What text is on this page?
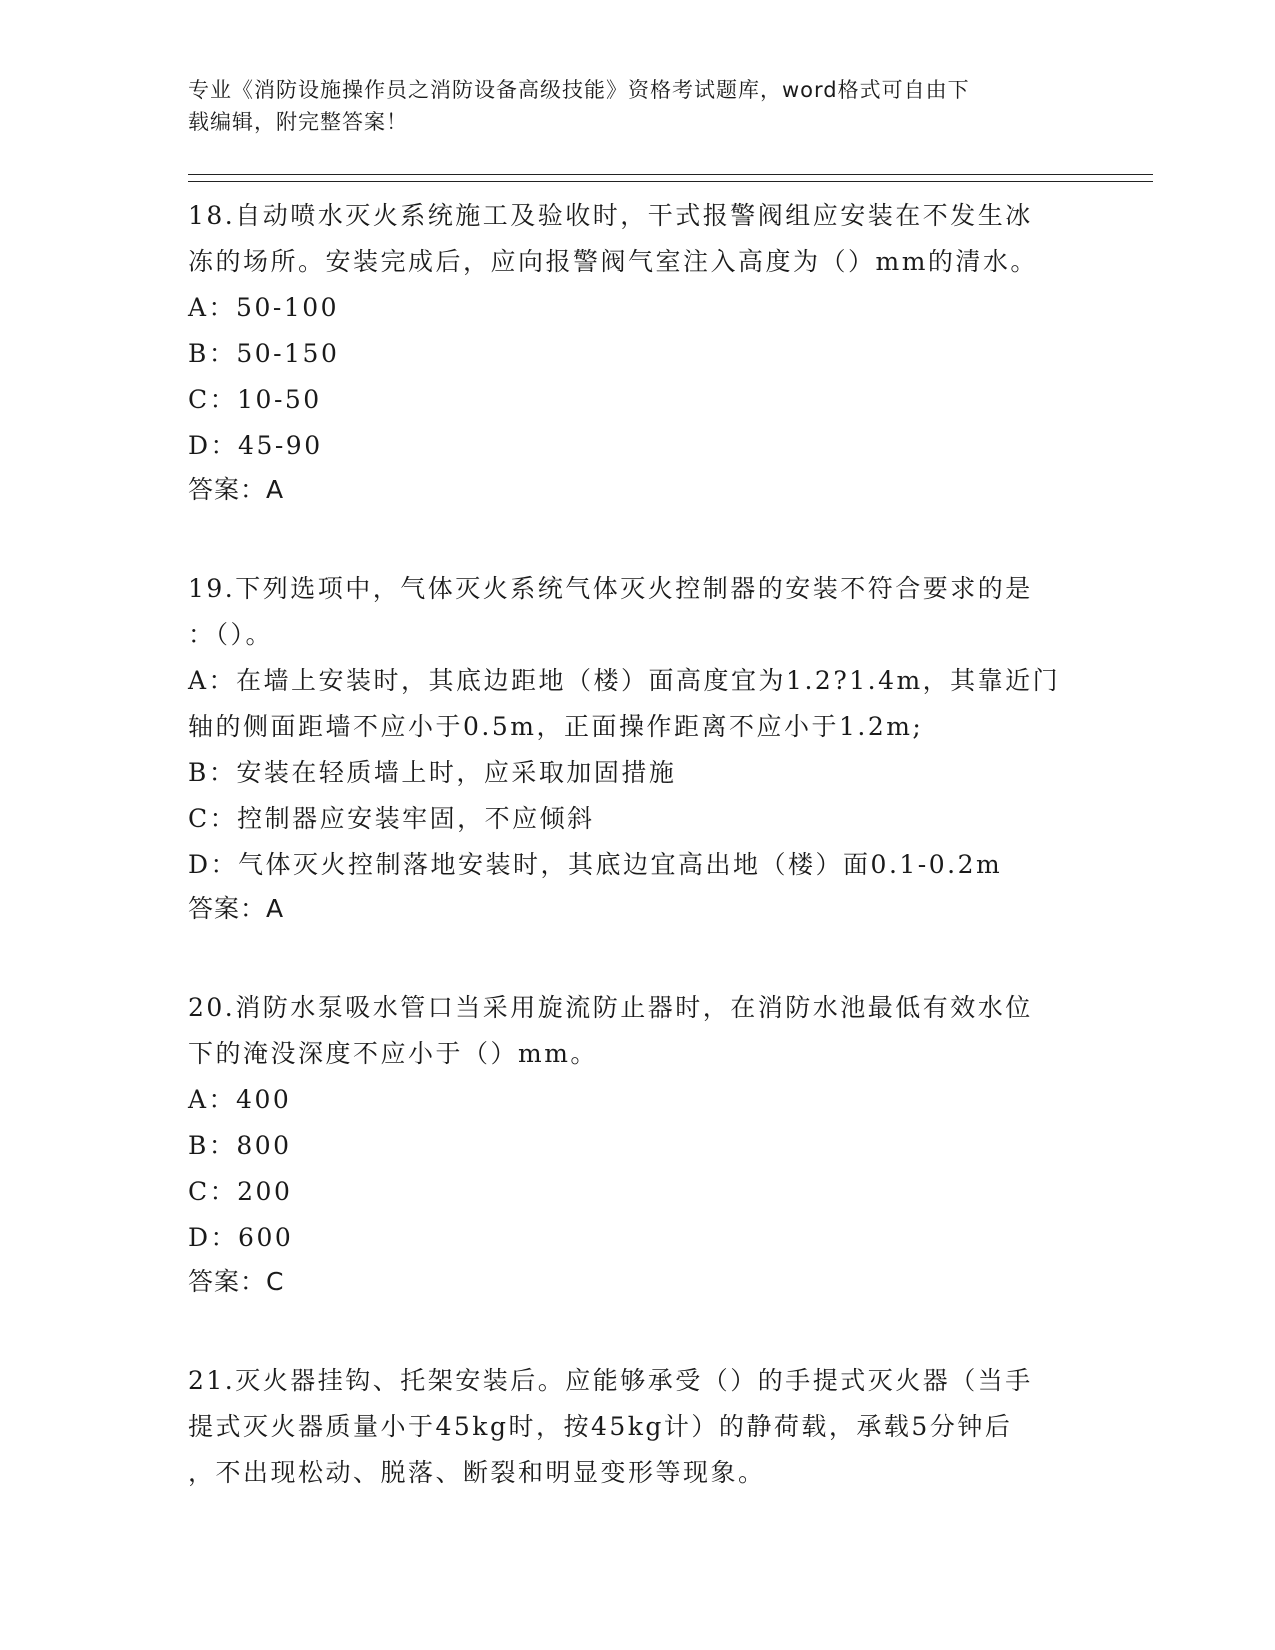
专业《消防设施操作员之消防设备高级技能》资格考试题库，word格式可自由下
载编辑，附完整答案！
18.自动喷水灭火系统施工及验收时，干式报警阀组应安装在不发生冰
冻的场所。安装完成后，应向报警阀气室注入高度为（）mm的清水。
A：50-100
B：50-150
C：10-50
D：45-90
答案：A
19.下列选项中，气体灭火系统气体灭火控制器的安装不符合要求的是
：（）。
A：在墙上安装时，其底边距地（楼）面高度宜为1.2?1.4m，其靠近门
轴的侧面距墙不应小于0.5m，正面操作距离不应小于1.2m;
B：安装在轻质墙上时，应采取加固措施
C：控制器应安装牢固，不应倾斜
D：气体灭火控制落地安装时，其底边宜高出地（楼）面0.1-0.2m
答案：A
20.消防水泵吸水管口当采用旋流防止器时，在消防水池最低有效水位
下的淹没深度不应小于（）mm。
A：400
B：800
C：200
D：600
答案：C
21.灭火器挂钩、托架安装后。应能够承受（）的手提式灭火器（当手
提式灭火器质量小于45kg时，按45kg计）的静荷载，承载5分钟后
，不出现松动、脱落、断裂和明显变形等现象。
